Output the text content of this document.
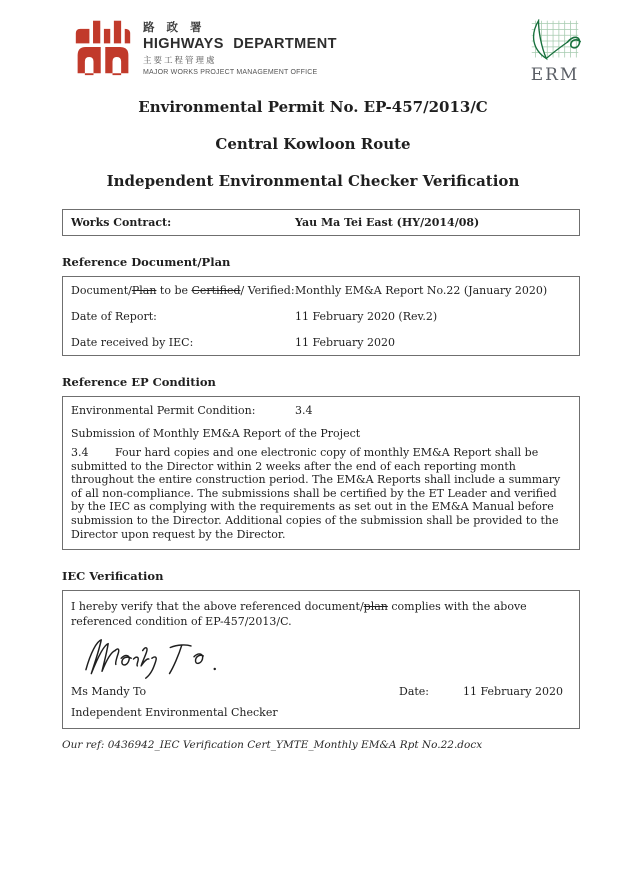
路 政 署
HIGHWAYS DEPARTMENT
主要工程管理處
MAJOR WORKS PROJECT MANAGEMENT OFFICE	ERM
Environmental Permit No. EP-457/2013/C
Central Kowloon Route
Independent Environmental Checker Verification
Works Contract:	Yau Ma Tei East (HY/2014/08)
Reference Document/Plan
Document/Plan to be Certified/ Verified:Monthly EM&A Report No.22 (January 2020)
Date of Report:	11 February 2020 (Rev.2)
Date received by IEC:	11 February 2020
Reference EP Condition
Environmental Permit Condition:	3.4
Submission of Monthly EM&A Report of the Project

3.4 Four hard copies and one electronic copy of monthly EM&A Report shall be submitted to the Director within 2 weeks after the end of each reporting month throughout the entire construction period. The EM&A Reports shall include a summary of all non-compliance. The submissions shall be certified by the ET Leader and verified by the IEC as complying with the requirements as set out in the EM&A Manual before submission to the Director. Additional copies of the submission shall be provided to the Director upon request by the Director.

IEC Verification

I hereby verify that the above referenced document/plan complies with the above referenced condition of EP-457/2013/C.

Ms Mandy To	Date:	11 February 2020
Independent Environmental Checker
Our ref: 0436942_IEC Verification Cert_YMTE_Monthly EM&A Rpt No.22.docx
